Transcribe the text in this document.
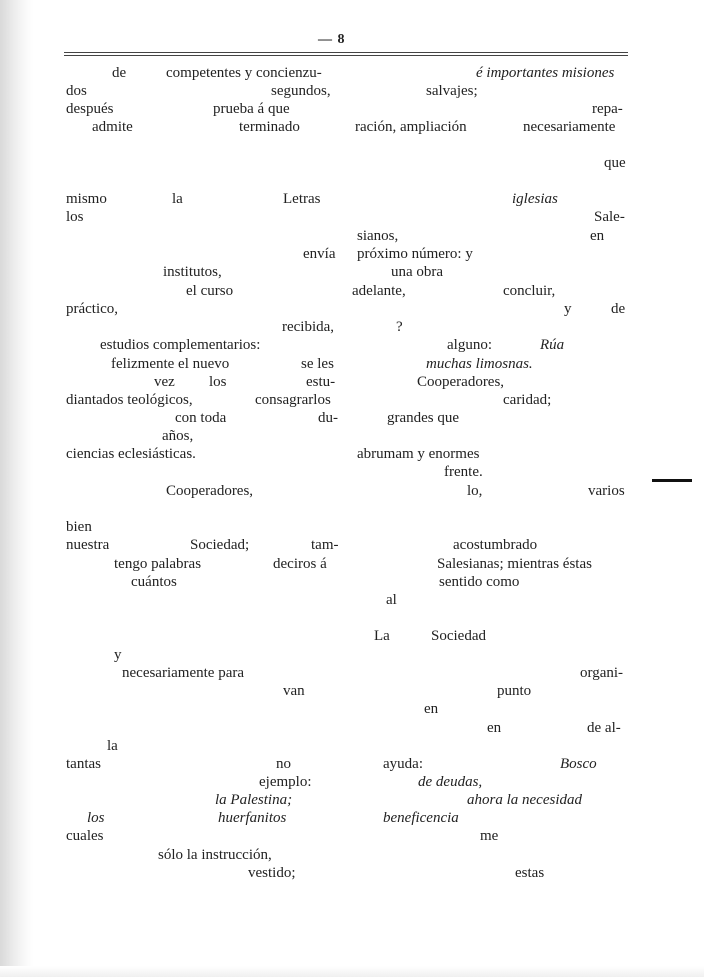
— 8
de	competentes y concienzu-	é importantes misiones
dos	segundos,	salvajes;
después	prueba á que	repa-
admite	terminado	ración, ampliación	necesariamente
que
mismo	la	Letras	iglesias
los	Sale-
sianos,	en
envía próximo número: y
institutos,	una obra
el curso	adelante,	concluir,
práctico,	y	de
recibida,	?
estudios complementarios:	alguno:	Rúa
felizmente el nuevo	se les	muchas limosnas.
vez los	estu-	Cooperadores,
diantados teológicos,	consagrarlos	caridad;
con toda	du-	grandes que
años,
ciencias eclesiásticas.	abrumam y enormes
frente.
Cooperadores,	lo,	varios
bien
nuestra	Sociedad;	tam-	acostumbrado
tengo palabras	deciros á	Salesianas; mientras éstas
cuántos	sentido como
al
La	Sociedad
y
necesariamente para	organi-
van	punto
en
en	de al-
la
tantas	no	ayuda:	Bosco
ejemplo:	de deudas,
la Palestina;	ahora la necesidad
los	huerfanitos	beneficencia
cuales	me
sólo la instrucción,
vestido;	estas
